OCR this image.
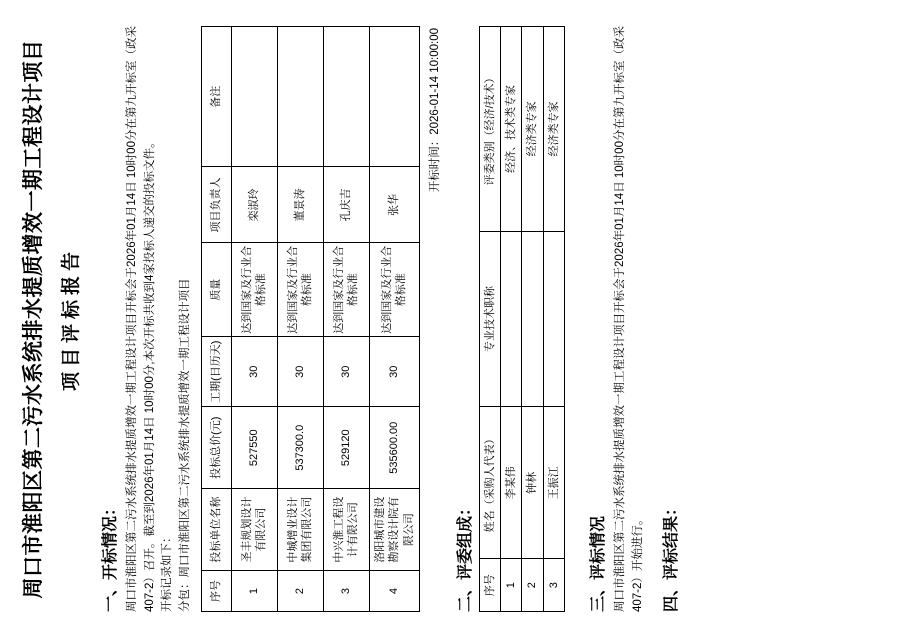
周口市淮阳区第二污水系统排水提质增效一期工程设计项目 项目评标报告
一、开标情况： 周口市淮阳区第二污水系统排水提质增效一期工程设计项目开标会于2026年01月14日 10时00分在第九开标室（政采407-2）召开。截至到2026年01月14日 10时00分,本次开标共收到4家投标人递交的投标文件。 开标记录如下： 分包：周口市淮阳区第二污水系统排水提质增效一期工程设计项目	序号	投标单位名称	投标总价(元)	工期(日历天)	质量	项目负责人	备注
1	圣丰规划设计有限公司	527550	30	达到国家及行业合格标准	栾淑玲	
2	中城增业设计集团有限公司	537300.0	30	达到国家及行业合格标准	董景涛	
3	中兴淮工程设计有限公司	529120	30	达到国家及行业合格标准	孔庆吉	
4	洛阳城市建设勘察设计院有限公司	535600.00	30	达到国家及行业合格标准	张华	
开标时间：2026-01-14 10:00:00
二、评委组成： 序号	姓名（采购人代表）	专业技术职称	评委类别（经济/技术）
1	李某伟		经济、技术类专家
2	钟林		经济类专家
3	王振江		经济类专家
三、评标情况 周口市淮阳区第二污水系统排水提质增效一期工程设计项目开标会于2026年01月14日 10时00分在第九开标室（政采407-2）开始进行。	四、评标结果：
